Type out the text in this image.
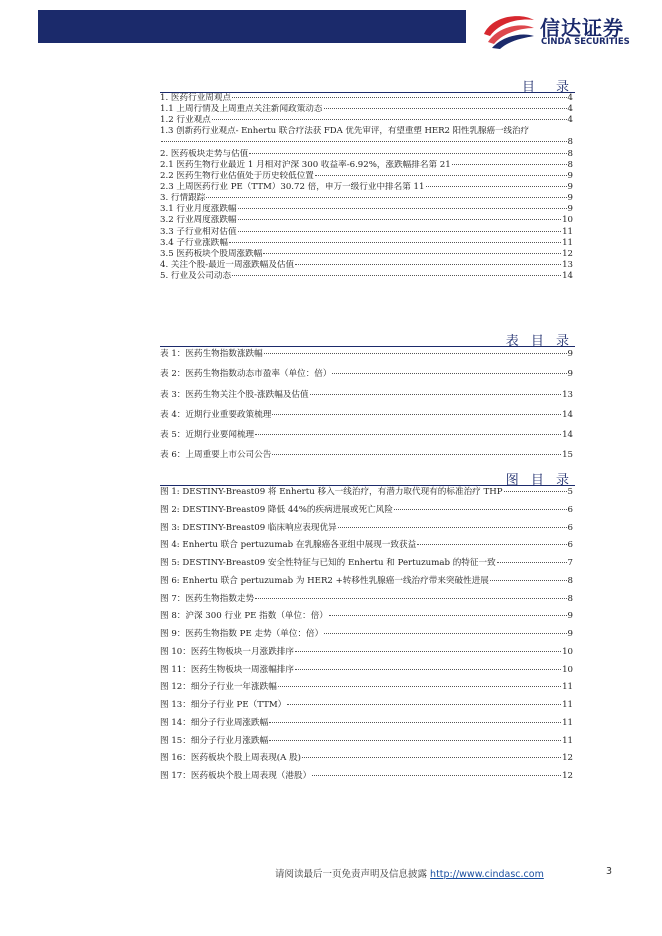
信达证券
CINDA SECURITIES
目　录
1. 医药行业周观点	4
1.1 上周行情及上周重点关注新闻政策动态	4
1.2 行业观点	4
1.3 创新药行业观点- Enhertu 联合疗法获 FDA 优先审评，有望重塑 HER2 阳性乳腺癌一线治疗
8
2. 医药板块走势与估值	8
2.1 医药生物行业最近 1 月相对沪深 300 收益率-6.92%，涨跌幅排名第 21	8
2.2 医药生物行业估值处于历史较低位置	9
2.3 上周医药行业 PE（TTM）30.72 倍，申万一级行业中排名第 11	9
3. 行情跟踪	9
3.1 行业月度涨跌幅	9
3.2 行业周度涨跌幅	10
3.3 子行业相对估值	11
3.4 子行业涨跌幅	11
3.5 医药板块个股周涨跌幅	12
4. 关注个股-最近一周涨跌幅及估值	13
5. 行业及公司动态	14
表 目 录
表 1：医药生物指数涨跌幅	9
表 2：医药生物指数动态市盈率（单位：倍）	9
表 3：医药生物关注个股-涨跌幅及估值	13
表 4：近期行业重要政策梳理	14
表 5：近期行业要闻梳理	14
表 6：上周重要上市公司公告	15
图 目 录
图 1: DESTINY-Breast09 将 Enhertu 移入一线治疗，有潜力取代现有的标准治疗 THP	5
图 2: DESTINY-Breast09 降低 44%的疾病进展或死亡风险	6
图 3: DESTINY-Breast09 临床响应表现优异	6
图 4: Enhertu 联合 pertuzumab 在乳腺癌各亚组中展现一致获益	6
图 5: DESTINY-Breast09 安全性特征与已知的 Enhertu 和 Pertuzumab 的特征一致	7
图 6: Enhertu 联合 pertuzumab 为 HER2 +转移性乳腺癌一线治疗带来突破性进展	8
图 7：医药生物指数走势	8
图 8：沪深 300 行业 PE 指数（单位：倍）	9
图 9：医药生物指数 PE 走势（单位：倍）	9
图 10：医药生物板块一月涨跌排序	10
图 11：医药生物板块一周涨幅排序	10
图 12：细分子行业一年涨跌幅	11
图 13：细分子行业 PE（TTM）	11
图 14：细分子行业周涨跌幅	11
图 15：细分子行业月涨跌幅	11
图 16：医药板块个股上周表现(A 股)	12
图 17：医药板块个股上周表现（港股）	12
请阅读最后一页免责声明及信息披露 http://www.cindasc.com	3
